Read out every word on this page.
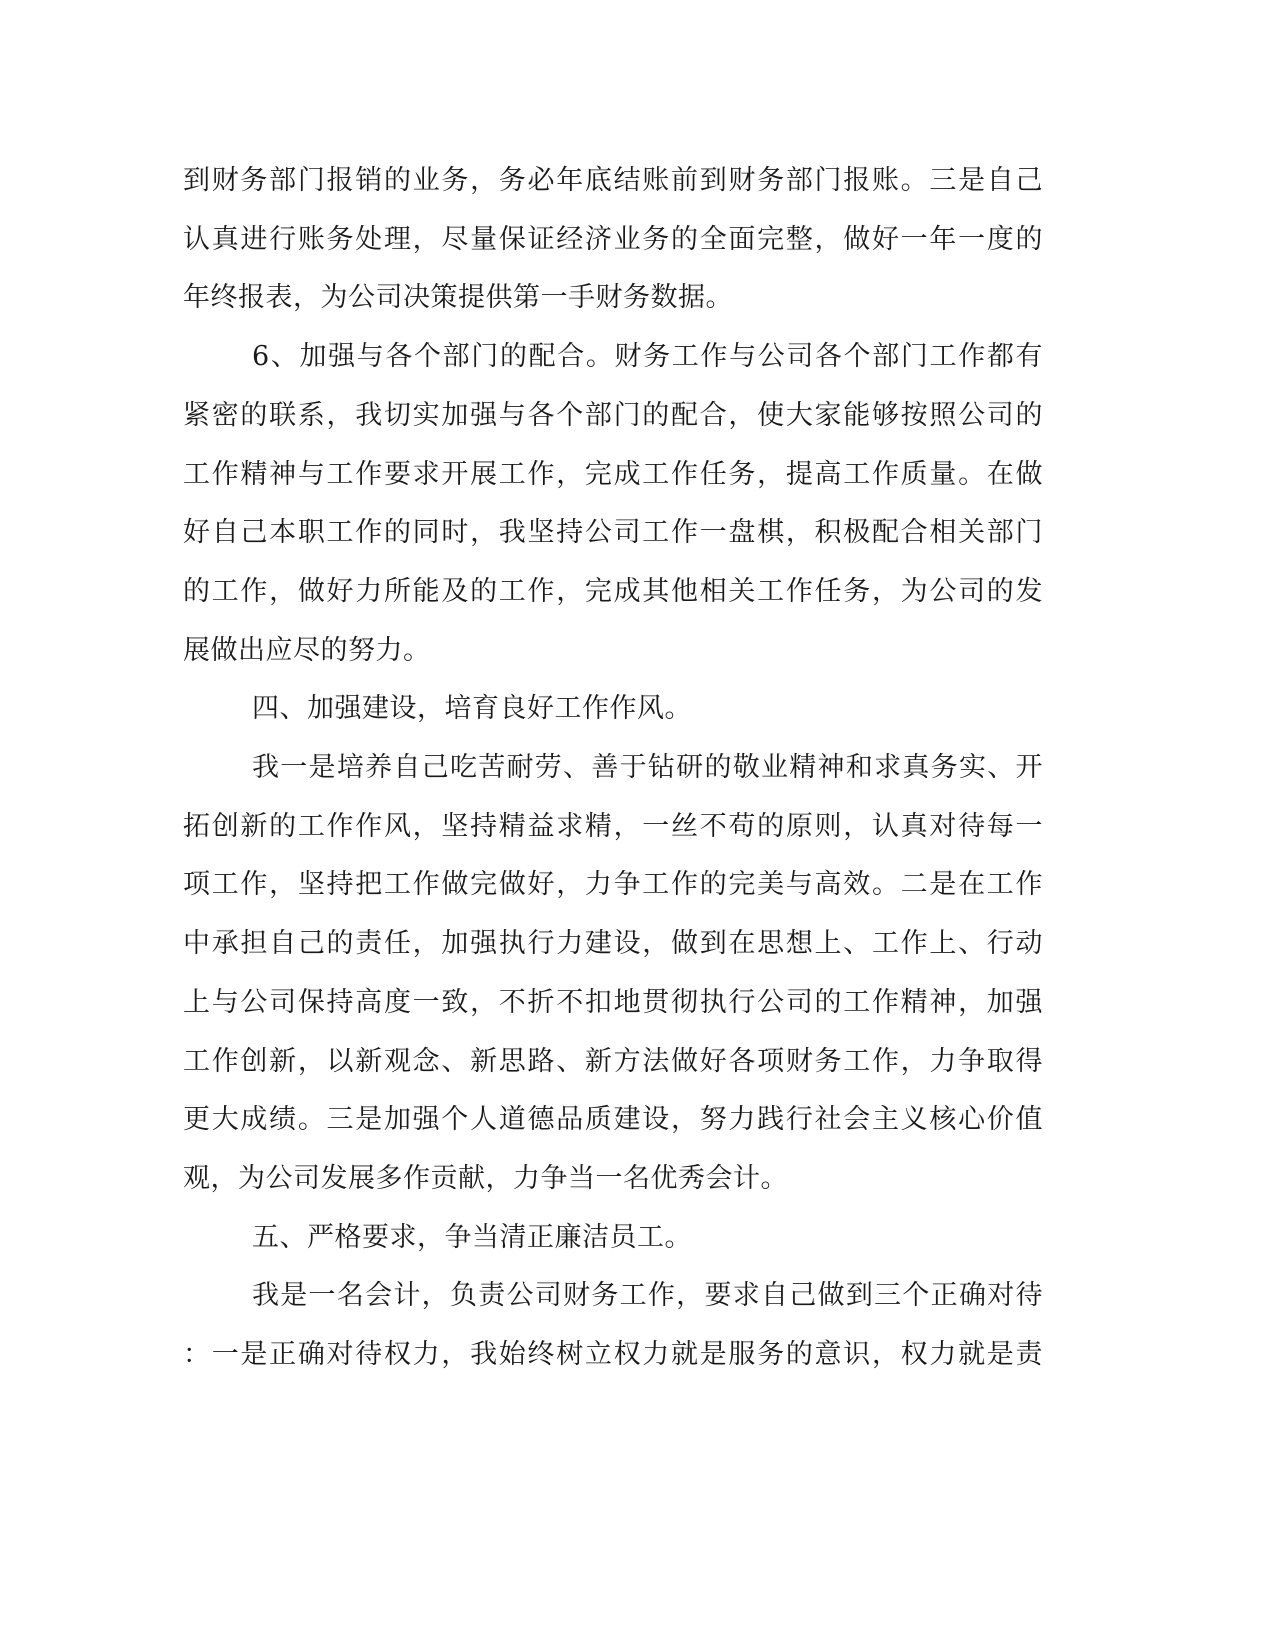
到财务部门报销的业务，务必年底结账前到财务部门报账。三是自己
认真进行账务处理，尽量保证经济业务的全面完整，做好一年一度的
年终报表，为公司决策提供第一手财务数据。
6、加强与各个部门的配合。财务工作与公司各个部门工作都有
紧密的联系，我切实加强与各个部门的配合，使大家能够按照公司的
工作精神与工作要求开展工作，完成工作任务，提高工作质量。在做
好自己本职工作的同时，我坚持公司工作一盘棋，积极配合相关部门
的工作，做好力所能及的工作，完成其他相关工作任务，为公司的发
展做出应尽的努力。
四、加强建设，培育良好工作作风。
我一是培养自己吃苦耐劳、善于钻研的敬业精神和求真务实、开
拓创新的工作作风，坚持精益求精，一丝不苟的原则，认真对待每一
项工作，坚持把工作做完做好，力争工作的完美与高效。二是在工作
中承担自己的责任，加强执行力建设，做到在思想上、工作上、行动
上与公司保持高度一致，不折不扣地贯彻执行公司的工作精神，加强
工作创新，以新观念、新思路、新方法做好各项财务工作，力争取得
更大成绩。三是加强个人道德品质建设，努力践行社会主义核心价值
观，为公司发展多作贡献，力争当一名优秀会计。
五、严格要求，争当清正廉洁员工。
我是一名会计，负责公司财务工作，要求自己做到三个正确对待
：一是正确对待权力，我始终树立权力就是服务的意识，权力就是责
